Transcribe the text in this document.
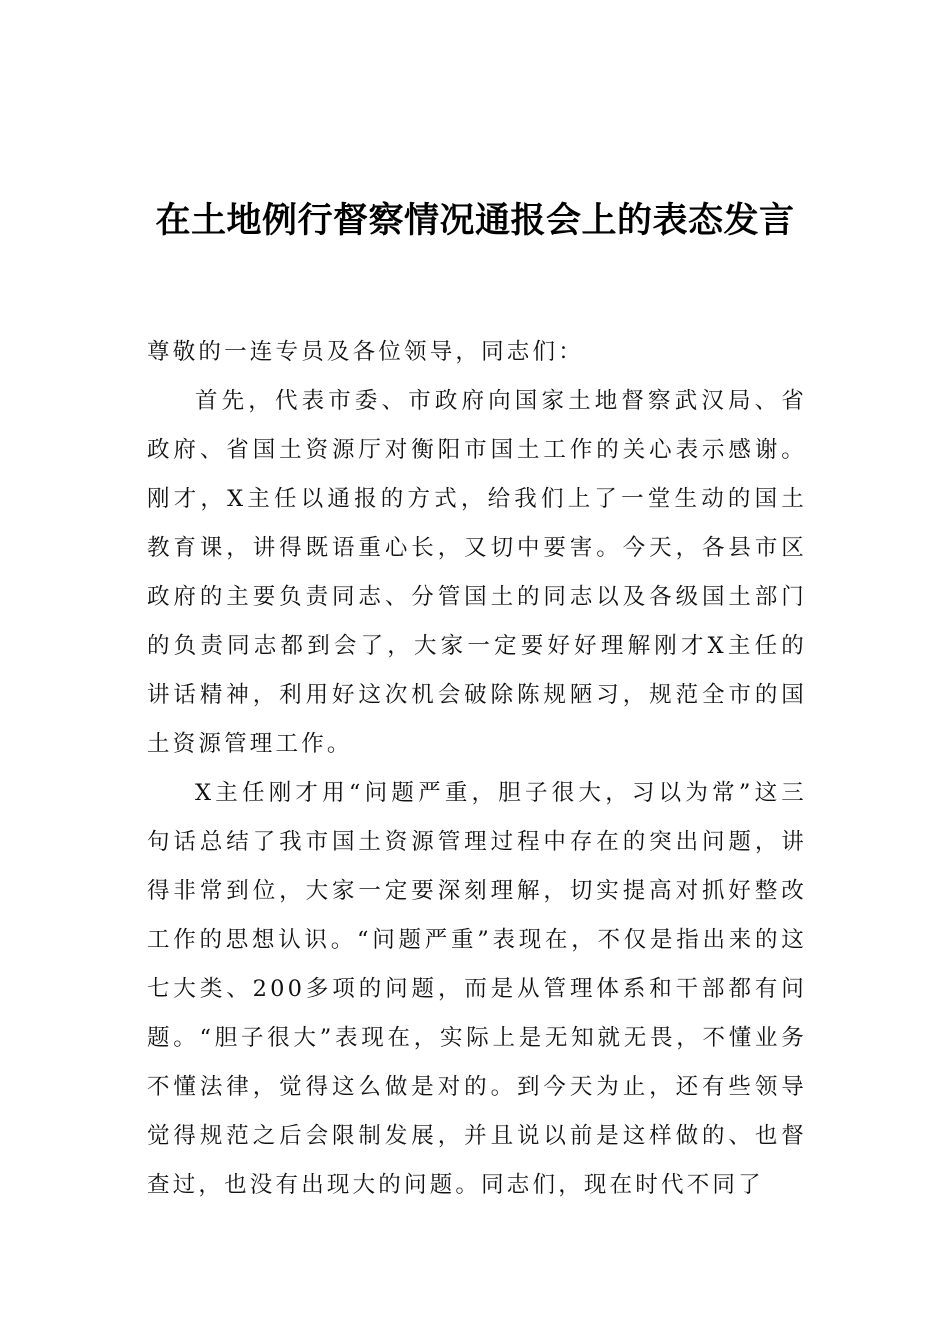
在土地例行督察情况通报会上的表态发言

尊敬的一连专员及各位领导，同志们：

首先，代表市委、市政府向国家土地督察武汉局、省政府、省国土资源厅对衡阳市国土工作的关心表示感谢。刚才，X主任以通报的方式，给我们上了一堂生动的国土教育课，讲得既语重心长，又切中要害。今天，各县市区政府的主要负责同志、分管国土的同志以及各级国土部门的负责同志都到会了，大家一定要好好理解刚才X主任的讲话精神，利用好这次机会破除陈规陋习，规范全市的国土资源管理工作。

X主任刚才用“问题严重，胆子很大，习以为常”这三句话总结了我市国土资源管理过程中存在的突出问题，讲得非常到位，大家一定要深刻理解，切实提高对抓好整改工作的思想认识。“问题严重”表现在，不仅是指出来的这七大类、200多项的问题，而是从管理体系和干部都有问题。“胆子很大”表现在，实际上是无知就无畏，不懂业务不懂法律，觉得这么做是对的。到今天为止，还有些领导觉得规范之后会限制发展，并且说以前是这样做的、也督查过，也没有出现大的问题。同志们，现在时代不同了
